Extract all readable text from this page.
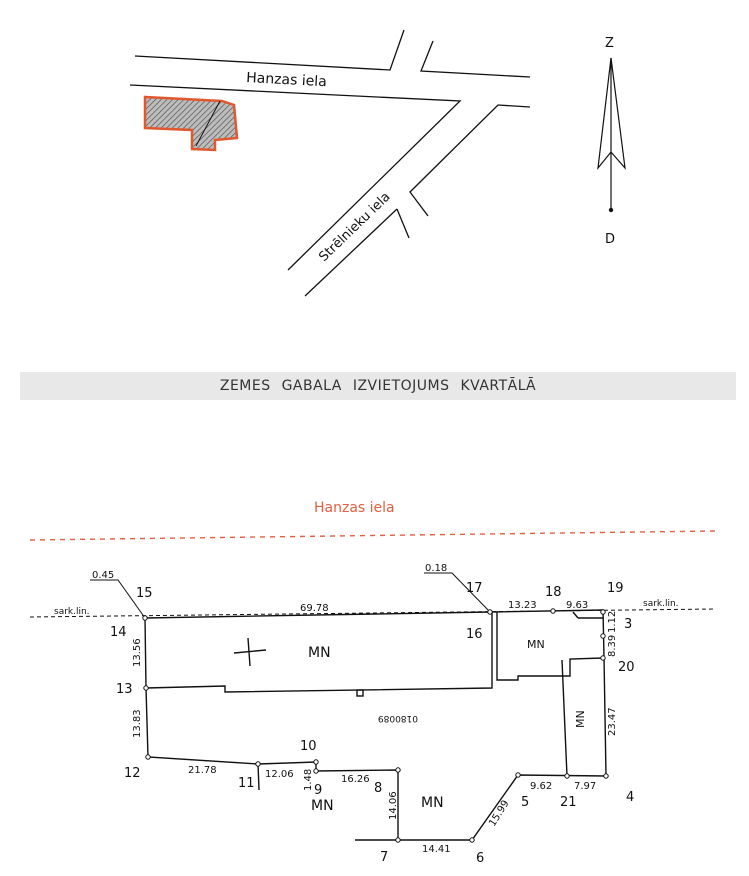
Z
D
Hanzas iela
Strēlnieku iela
Hanzas iela
sark.lin.
sark.lin.
MN
MN
MN
MN
MN
0180089
15
14
13
12
11
10
9	8
7	6
5 21	4
20
3
19
18
17
16
0.45
0.18
69.78	13.23	9.63
1.12
13.56
13.83
8.39
23.47
21.78	12.06 1.48	16.26
14.06
9.62 7.97
15.99
14.41
ZEMES GABALA IZVIETOJUMS KVARTĀLĀ
